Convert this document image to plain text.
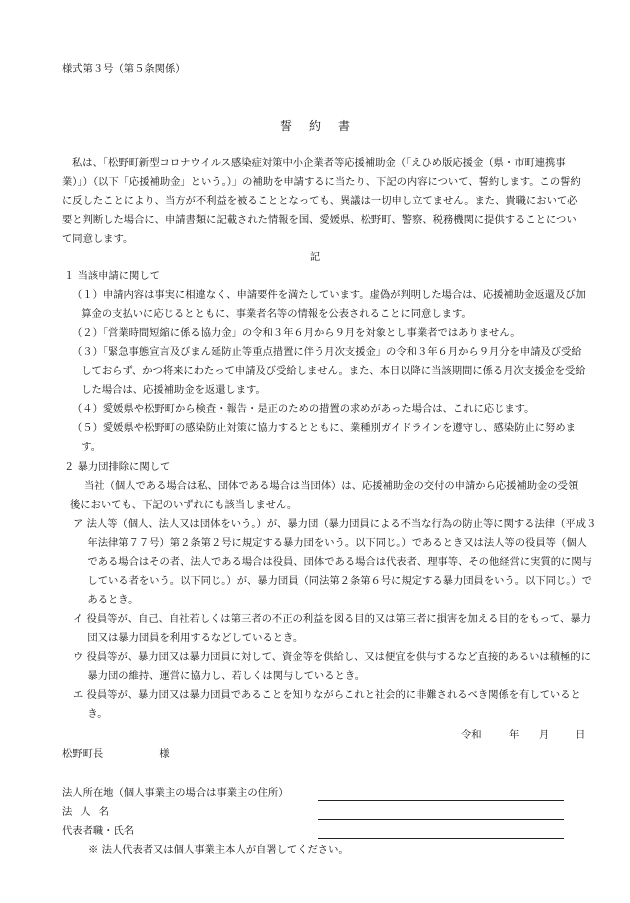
様式第３号（第５条関係）
誓約書
私は、「松野町新型コロナウイルス感染症対策中小企業者等応援補助金（「えひめ版応援金（県・市町連携事業）」）（以下「応援補助金」という。）」の補助を申請するに当たり、下記の内容について、誓約します。この誓約に反したことにより、当方が不利益を被ることとなっても、異議は一切申し立てません。また、貴職において必要と判断した場合に、申請書類に記載された情報を国、愛媛県、松野町、警察、税務機関に提供することについて同意します。
記
１ 当該申請に関して
（１）申請内容は事実に相違なく、申請要件を満たしています。虚偽が判明した場合は、応援補助金返還及び加算金の支払いに応じるとともに、事業者名等の情報を公表されることに同意します。
（２）「営業時間短縮に係る協力金」の令和３年６月から９月を対象とし事業者ではありません。
（３）「緊急事態宣言及びまん延防止等重点措置に伴う月次支援金」の令和３年６月から９月分を申請及び受給しておらず、かつ将来にわたって申請及び受給しません。また、本日以降に当該期間に係る月次支援金を受給した場合は、応援補助金を返還します。
（４）愛媛県や松野町から検査・報告・是正のための措置の求めがあった場合は、これに応じます。
（５）愛媛県や松野町の感染防止対策に協力するとともに、業種別ガイドラインを遵守し、感染防止に努めます。
２ 暴力団排除に関して
当社（個人である場合は私、団体である場合は当団体）は、応援補助金の交付の申請から応援補助金の受領後においても、下記のいずれにも該当しません。
ア 法人等（個人、法人又は団体をいう。）が、暴力団（暴力団員による不当な行為の防止等に関する法律（平成３年法律第７７号）第２条第２号に規定する暴力団をいう。以下同じ。）であるとき又は法人等の役員等（個人である場合はその者、法人である場合は役員、団体である場合は代表者、理事等、その他経営に実質的に関与している者をいう。以下同じ。）が、暴力団員（同法第２条第６号に規定する暴力団員をいう。以下同じ。）であるとき。
イ 役員等が、自己、自社若しくは第三者の不正の利益を図る目的又は第三者に損害を加える目的をもって、暴力団又は暴力団員を利用するなどしているとき。
ウ 役員等が、暴力団又は暴力団員に対して、資金等を供給し、又は便宜を供与するなど直接的あるいは積極的に暴力団の維持、運営に協力し、若しくは関与しているとき。
エ 役員等が、暴力団又は暴力団員であることを知りながらこれと社会的に非難されるべき関係を有しているとき。
令和	年 月 日
松野町長	様
法人所在地（個人事業主の場合は事業主の住所）
法人名
代表者職・氏名
※ 法人代表者又は個人事業主本人が自署してください。
